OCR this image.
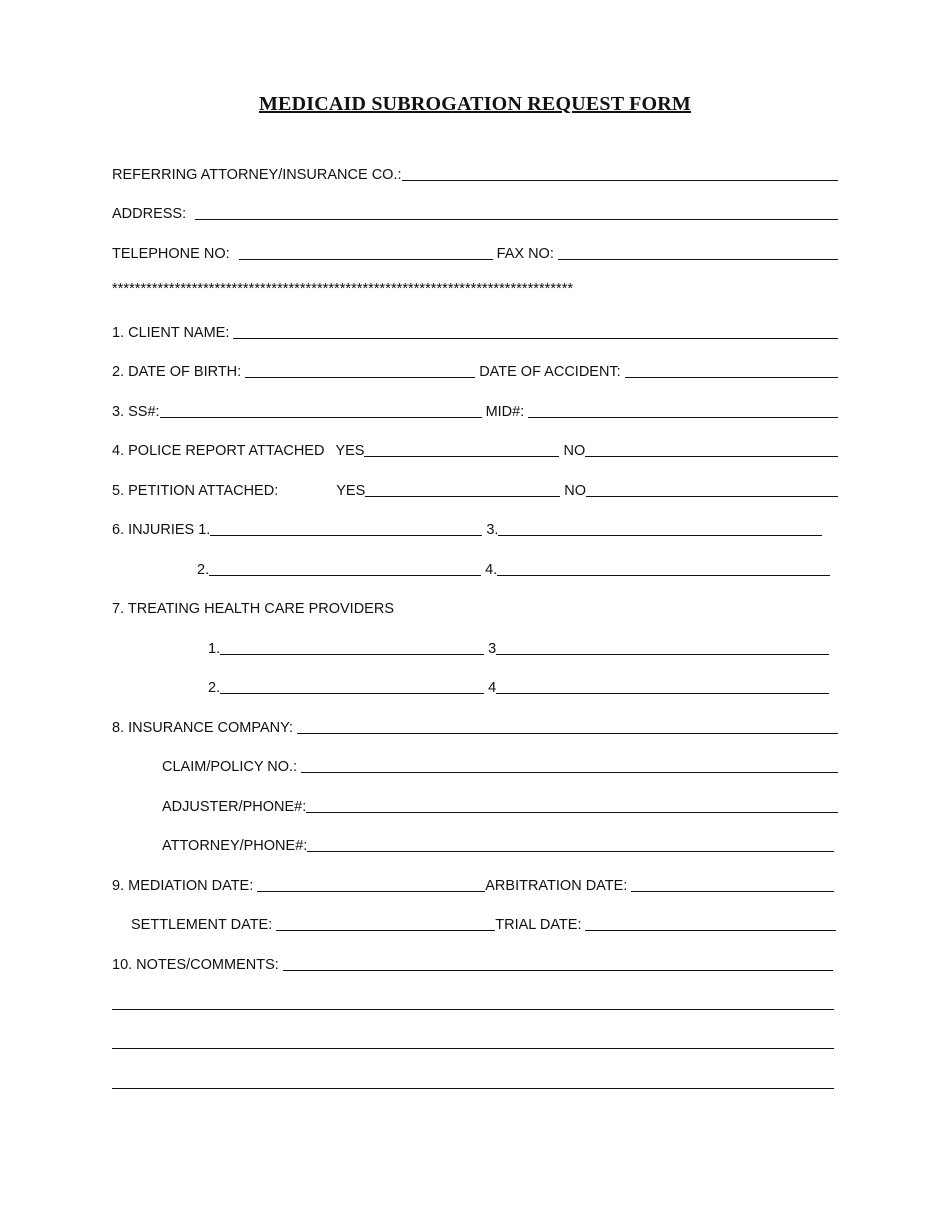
MEDICAID SUBROGATION REQUEST FORM
REFERRING ATTORNEY/INSURANCE CO.:
ADDRESS:
TELEPHONE NO:	FAX NO:
*********************************************************************************
1. CLIENT NAME:
2. DATE OF BIRTH:	DATE OF ACCIDENT:
3. SS#:	MID#:
4. POLICE REPORT ATTACHED YES	NO
5. PETITION ATTACHED:	YES	NO
6. INJURIES 1.	3.
2.	4.
7. TREATING HEALTH CARE PROVIDERS
1.	3
2.	4
8. INSURANCE COMPANY:
CLAIM/POLICY NO.:
ADJUSTER/PHONE#:
ATTORNEY/PHONE#:
9. MEDIATION DATE:	ARBITRATION DATE:
SETTLEMENT DATE:	TRIAL DATE:
10. NOTES/COMMENTS:
